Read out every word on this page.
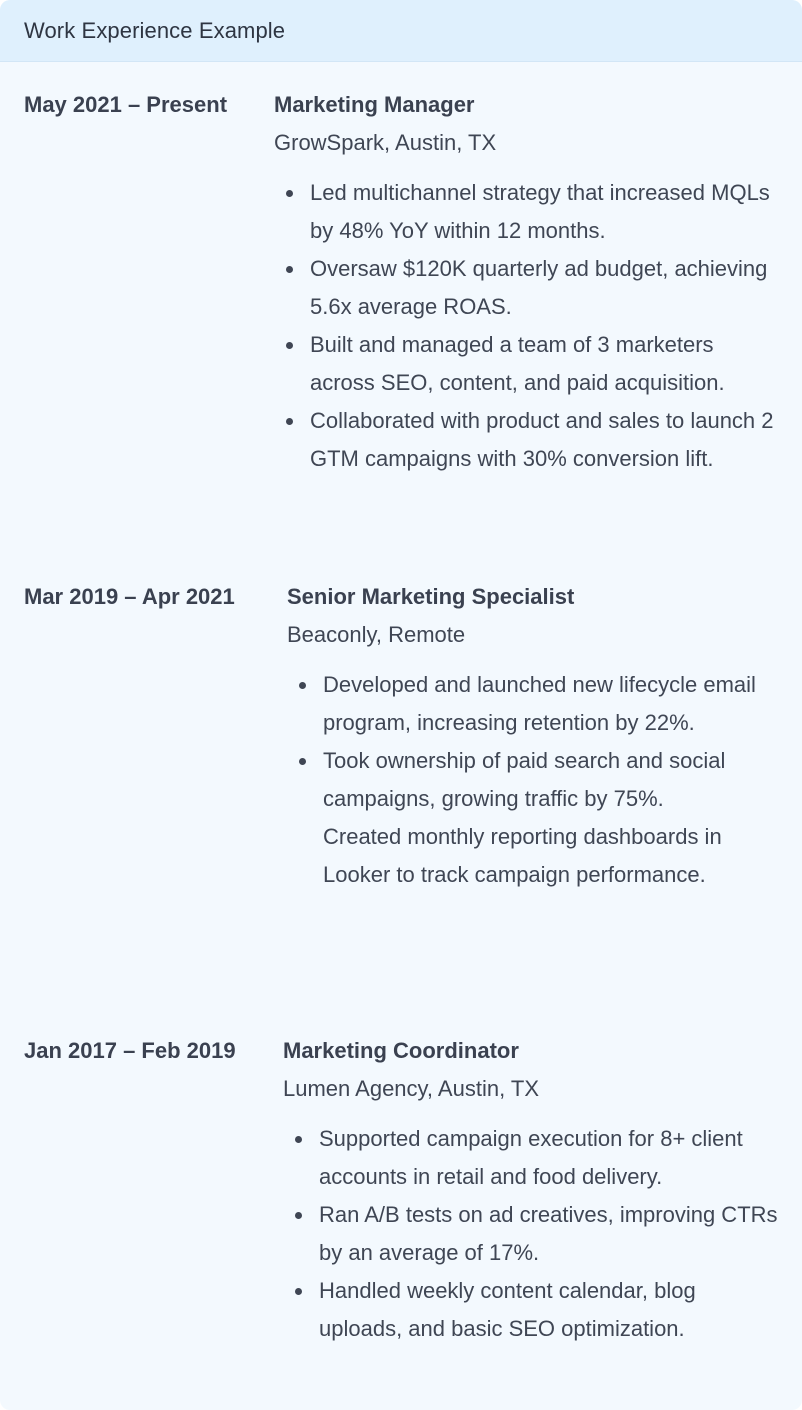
Work Experience Example
May 2021 – Present	Marketing Manager
GrowSpark, Austin, TX
Led multichannel strategy that increased MQLs by 48% YoY within 12 months.
Oversaw $120K quarterly ad budget, achieving 5.6x average ROAS.
Built and managed a team of 3 marketers across SEO, content, and paid acquisition.
Collaborated with product and sales to launch 2 GTM campaigns with 30% conversion lift.
Mar 2019 – Apr 2021	Senior Marketing Specialist
Beaconly, Remote
Developed and launched new lifecycle email program, increasing retention by 22%.
Took ownership of paid search and social campaigns, growing traffic by 75%.
Created monthly reporting dashboards in Looker to track campaign performance.
Jan 2017 – Feb 2019	Marketing Coordinator
Lumen Agency, Austin, TX
Supported campaign execution for 8+ client accounts in retail and food delivery.
Ran A/B tests on ad creatives, improving CTRs by an average of 17%.
Handled weekly content calendar, blog uploads, and basic SEO optimization.
